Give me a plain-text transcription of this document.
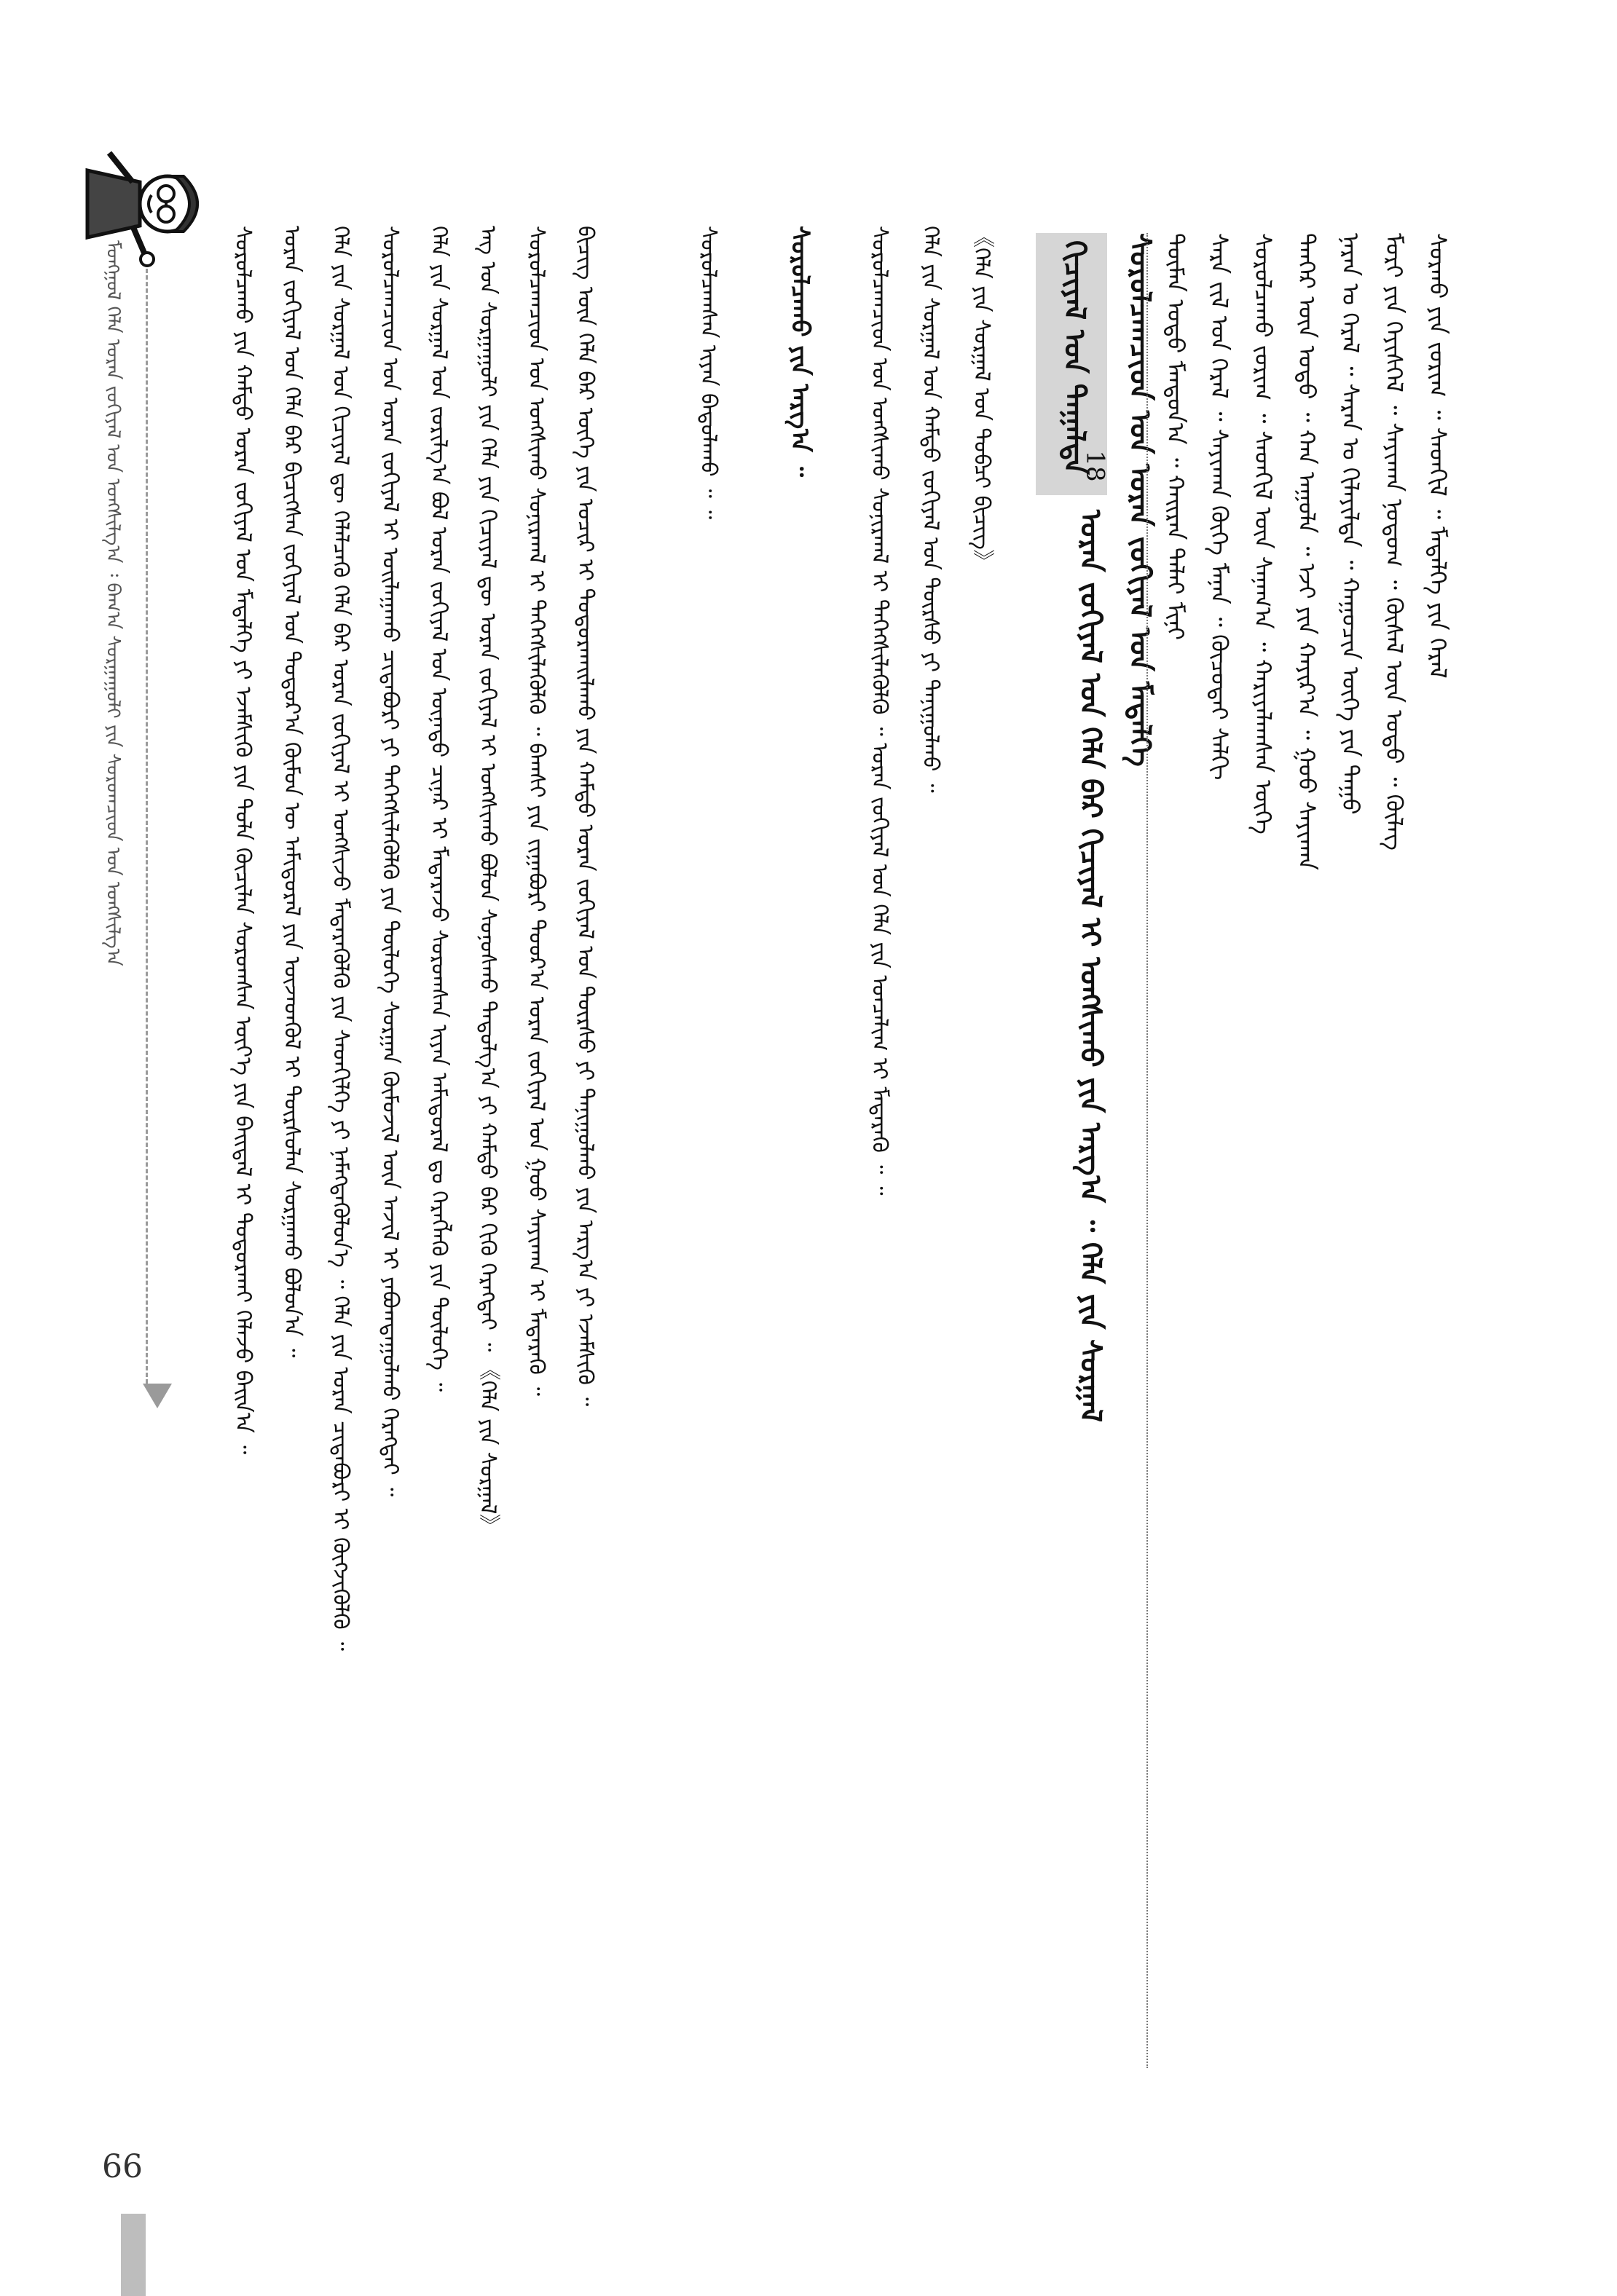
ᠮᠣᠩᠭᠣᠯ ᠬᠡᠯᠡ ᠤᠷᠠᠨ ᠵᠣᠬᠢᠶᠠᠯ ᠤᠨ ᠤᠩᠰᠢᠯᠭ᠎ᠠ ᠄ ᠪᠠᠭ᠎ᠠ ᠰᠤᠷᠭᠠᠭᠤᠯᠢ ᠶᠢᠨ ᠰᠤᠷᠤᠭᠴᠢᠳ ᠤᠨ ᠤᠩᠰᠢᠯᠭ᠎ᠠ
66
ᠰᠤᠷᠤᠯᠴᠠᠬᠤ ᠶᠢᠨ ᠬᠠᠮᠲᠤ ᠤᠷᠠᠨ ᠵᠣᠬᠢᠶᠠᠯ ᠤᠨ ᠮᠡᠳᠡᠯᠭᠡ ᠶᠢ ᠡᠵᠡᠮᠰᠢᠬᠦ ᠶᠢᠨ ᠲᠤᠯᠠ ᠬᠦᠴᠢᠯᠡᠨ ᠰᠤᠷᠤᠭᠰᠠᠨ ᠦᠶ᠎ᠡ ᠶᠢᠨ ᠪᠠᠢᠳᠠᠯ ᠢ ᠲᠣᠳᠣᠷᠬᠠᠢ ᠬᠡᠯᠡᠵᠦ ᠪᠠᠢᠨ᠎ᠠ ᠃ ᠤᠷᠠᠨ ᠵᠣᠬᠢᠶᠠᠯ ᠤᠨ ᠬᠡᠯᠡ ᠪᠡᠷ ᠪᠢᠴᠢᠭᠰᠡᠨ ᠵᠣᠬᠢᠶᠠᠯ ᠤᠨ ᠳᠣᠲᠣᠷ᠎ᠠ ᠬᠦᠮᠦᠨ ᠦ ᠠᠮᠢᠳᠤᠷᠠᠯ ᠶᠢᠨ ᠦᠵᠡᠳᠬᠦᠯ ᠢ ᠳᠦᠷᠰᠦᠯᠡᠨ ᠰᠤᠷᠭᠠᠬᠤ ᠪᠤᠯᠤᠨ᠎ᠠ ᠃ ᠬᠡᠯᠡ ᠶᠢᠨ ᠰᠤᠷᠭᠠᠯ ᠤᠨ ᠬᠢᠴᠢᠶᠡᠯ ᠳᠦ ᠬᠡᠯᠡᠯᠴᠡᠬᠦ ᠬᠡᠯᠡ ᠪᠡᠷ ᠤᠷᠠᠨ ᠵᠣᠬᠢᠶᠠᠯ ᠢ ᠤᠩᠰᠢᠵᠤ ᠮᠡᠳᠡᠷᠡᠭᠦᠯᠬᠦ ᠶᠢᠨ ᠰᠡᠳᠬᠢᠯᠭᠡ ᠶᠢ ᠨᠡᠮᠡᠭᠳᠡᠭᠦᠯᠦᠨ᠎ᠡ ᠃ ᠬᠡᠯᠡ ᠶᠢᠨ ᠤᠷᠠᠨ ᠴᠢᠳᠠᠪᠤᠷᠢ ᠢ ᠬᠥᠭᠵᠢᠭᠦᠯᠬᠦ ᠃ ᠰᠤᠷᠤᠯᠴᠠᠭᠴᠢᠳ ᠤᠨ ᠤᠷᠠᠨ ᠵᠣᠬᠢᠶᠠᠯ ᠢ ᠣᠢᠯᠠᠭᠠᠬᠤ ᠴᠢᠳᠠᠪᠤᠷᠢ ᠶᠢ ᠳᠡᠭᠡᠭᠰᠢᠯᠡᠭᠦᠯᠬᠦ ᠶᠢᠨ ᠲᠥᠯᠥᠭᠡ ᠰᠤᠷᠭᠠᠨ ᠬᠥᠮᠦᠵᠢᠯ ᠦᠨ ᠠᠵᠢᠯ ᠢ ᠶᠠᠪᠤᠭᠳᠠᠭᠤᠯᠬᠤ ᠬᠡᠷᠡᠭᠲᠡᠢ ᠃ ᠬᠡᠯᠡ ᠶᠢᠨ ᠰᠤᠷᠭᠠᠯ ᠤᠨ ᠵᠣᠷᠢᠯᠭ᠎ᠠ ᠪᠣᠯ ᠤᠷᠠᠨ ᠵᠣᠬᠢᠶᠠᠯ ᠤᠨ ᠦᠨᠡᠲᠦ ᠴᠢᠨᠠᠷ ᠢ ᠮᠡᠳᠡᠷᠡᠵᠦ ᠰᠤᠷᠤᠭᠰᠠᠨ ᠢᠶᠠᠨ ᠠᠮᠢᠳᠤᠷᠠᠯ ᠳᠤ ᠬᠡᠷᠡᠭᠯᠡᠬᠦ ᠶᠢᠨ ᠲᠥᠯᠥᠭᠡ ᠃ ᠡᠩ ᠤᠨ ᠰᠤᠷᠭᠠᠭᠤᠯᠢ ᠶᠢᠨ ᠬᠡᠯᠡ ᠶᠢᠨ ᠬᠢᠴᠢᠶᠡᠯ ᠳᠦ ᠤᠷᠠᠨ ᠵᠣᠬᠢᠶᠠᠯ ᠢ ᠤᠩᠰᠢᠬᠤ ᠪᠤᠯᠤᠨ ᠰᠣᠨᠣᠰᠬᠤ ᠳᠠᠳᠤᠯᠭ᠎ᠠ ᠶᠢ ᠬᠠᠮᠲᠤ ᠪᠡᠷ ᠬᠢᠬᠦ ᠬᠡᠷᠡᠭᠲᠡᠢ ᠃ 《ᠬᠡᠯᠡ ᠶᠢᠨ ᠰᠤᠷᠭᠠᠯ》 ᠰᠤᠷᠤᠯᠴᠠᠭᠴᠢᠳ ᠤᠨ ᠤᠩᠰᠢᠬᠤ ᠰᠣᠨᠢᠷᠬᠠᠯ ᠢ ᠳᠡᠭᠡᠭᠰᠢᠯᠡᠭᠦᠯᠬᠦ ᠃ ᠪᠠᠭᠰᠢ ᠶᠢᠨ ᠵᠢᠭᠠᠪᠤᠷᠢ ᠳᠣᠣᠷ᠎ᠠ ᠤᠷᠠᠨ ᠵᠣᠬᠢᠶᠠᠯ ᠤᠨ ᠭᠣᠣ ᠰᠠᠶᠢᠬᠠᠨ ᠢ ᠮᠡᠳᠡᠷᠡᠬᠦ ᠃ ᠪᠢᠴᠢᠭ᠌ ᠦᠨ ᠬᠡᠯᠡ ᠪᠡᠷ ᠦᠭᠡ ᠶᠢᠨ ᠤᠴᠢᠷ ᠢ ᠲᠣᠳᠣᠷᠬᠠᠢᠯᠠᠬᠤ ᠶᠢᠨ ᠬᠠᠮᠲᠤ ᠤᠷᠠᠨ ᠵᠣᠬᠢᠶᠠᠯ ᠤᠨ ᠳᠦᠷᠰᠦ ᠶᠢ ᠲᠠᠨᠢᠭᠤᠯᠬᠤ ᠶᠢᠨ ᠠᠷᠭ᠎ᠠ ᠶᠢ ᠡᠵᠡᠮᠰᠢᠬᠦ ᠃	ᠰᠤᠷᠤᠯᠴᠠᠭᠰᠠᠨ ᠢᠶᠠᠨ ᠪᠠᠲᠤᠯᠠᠬᠤ ᠃ ᠃	ᠰᠤᠷᠤᠯᠴᠠᠬᠤ ᠶᠢᠨ ᠠᠷᠭ᠎ᠠ ᠃	ᠰᠤᠷᠤᠯᠴᠠᠭᠴᠢᠳ ᠤᠨ ᠤᠩᠰᠢᠬᠤ ᠰᠣᠨᠢᠷᠬᠠᠯ ᠢ ᠳᠡᠭᠡᠭᠰᠢᠯᠡᠭᠦᠯᠬᠦ ᠃ ᠤᠷᠠᠨ ᠵᠣᠬᠢᠶᠠᠯ ᠤᠨ ᠬᠡᠯᠡ ᠶᠢᠨ ᠣᠨᠴᠠᠯᠢᠭ ᠢ ᠮᠡᠳᠡᠷᠡᠬᠦ ᠃ ᠃ ᠬᠡᠯᠡ ᠶᠢᠨ ᠰᠤᠷᠭᠠᠯ ᠤᠨ ᠬᠠᠮᠲᠤ ᠵᠣᠬᠢᠶᠠᠯ ᠤᠨ ᠳᠦᠷᠰᠦ ᠶᠢ ᠲᠠᠨᠢᠭᠤᠯᠬᠤ ᠃ 《ᠬᠡᠯᠡ ᠶᠢᠨ ᠰᠤᠷᠭᠠᠯ ᠤᠨ ᠲᠣᠪᠴᠢ ᠪᠢᠴᠢᠭ᠌》	ᠬᠢᠴᠢᠶᠡᠯ ᠤᠨ ᠳᠠᠭᠠᠯᠲᠠ
18
ᠤᠷᠠᠨ ᠵᠣᠬᠢᠶᠠᠯ ᠤᠨ ᠬᠡᠯᠡ ᠪᠡᠷ ᠬᠢᠴᠢᠶᠡᠯ ᠢ ᠤᠩᠰᠢᠬᠤ ᠶᠢᠨ ᠠᠷᠭ᠎ᠠ ᠃ ᠬᠡᠯᠡ ᠶᠢᠨ ᠰᠤᠷᠭᠠᠯ
ᠰᠤᠷᠤᠯᠴᠠᠭᠴᠢᠳ ᠤᠨ ᠤᠷᠠᠨ ᠵᠣᠬᠢᠶᠠᠯ ᠤᠨ ᠮᠡᠳᠡᠯᠭᠡ ᠲᠦᠮᠡᠨ ᠣᠳᠣ ᠮᠠᠨᠳᠤᠨ᠎ᠠ ᠃ ᠬᠠᠢᠷᠠᠨ ᠳᠠᠯᠠᠢ ᠮᠢᠨᠢ ᠰᠠᠷᠠ ᠵᠢᠯ ᠤᠨ ᠭᠡᠷᠡᠯ ᠃ ᠰᠠᠶᠢᠬᠠᠨ ᠬᠥᠬᠡ ᠮᠠᠨᠠᠨ ᠃ ᠬᠦᠴᠦᠲᠡᠢ ᠰᠠᠯᠬᠢ ᠰᠤᠷᠤᠯᠴᠠᠬᠤ ᠵᠣᠷᠢᠭ ᠃ ᠰᠡᠳᠬᠢᠯ ᠦᠨ ᠰᠠᠨᠠᠭ᠎ᠠ ᠃ ᠬᠠᠷᠢᠶᠠᠯᠠᠭᠰᠠᠨ ᠦᠭᠡ ᠲᠡᠨᠭᠡᠷ ᠦᠨ ᠣᠳᠣ ᠃ ᠬᠠᠨ ᠠᠭᠤᠯᠠ ᠃ ᠡᠵᠢ ᠶᠢᠨ ᠬᠠᠶᠢᠷ᠎ᠠ ᠃ ᠭᠣᠣ ᠰᠠᠶᠢᠬᠠᠨ ᠨᠠᠷᠠᠨ ᠤ ᠭᠡᠷᠡᠯ ᠃ ᠰᠠᠷᠠᠨ ᠤ ᠭᠢᠯᠠᠶᠢᠯᠲᠠ ᠃ ᠬᠠᠭᠤᠴᠢᠨ ᠦᠭᠡ ᠶᠢᠨ ᠳᠠᠭᠤ ᠮᠣᠷᠢ ᠶᠢᠨ ᠬᠡᠶᠢᠰᠬᠡᠯ ᠃ ᠰᠠᠶᠢᠬᠠᠨ ᠨᠤᠲᠤᠭ ᠃ ᠬᠦᠰᠡᠯ ᠦᠨ ᠣᠳᠣ ᠃ ᠬᠦᠯᠡᠭ ᠰᠤᠷᠬᠤ ᠶᠢᠨ ᠵᠣᠷᠢᠭ ᠃ ᠰᠡᠳᠬᠢᠯ ᠃ ᠮᠡᠳᠡᠯᠭᠡ ᠶᠢᠨ ᠭᠡᠷᠡᠯ
